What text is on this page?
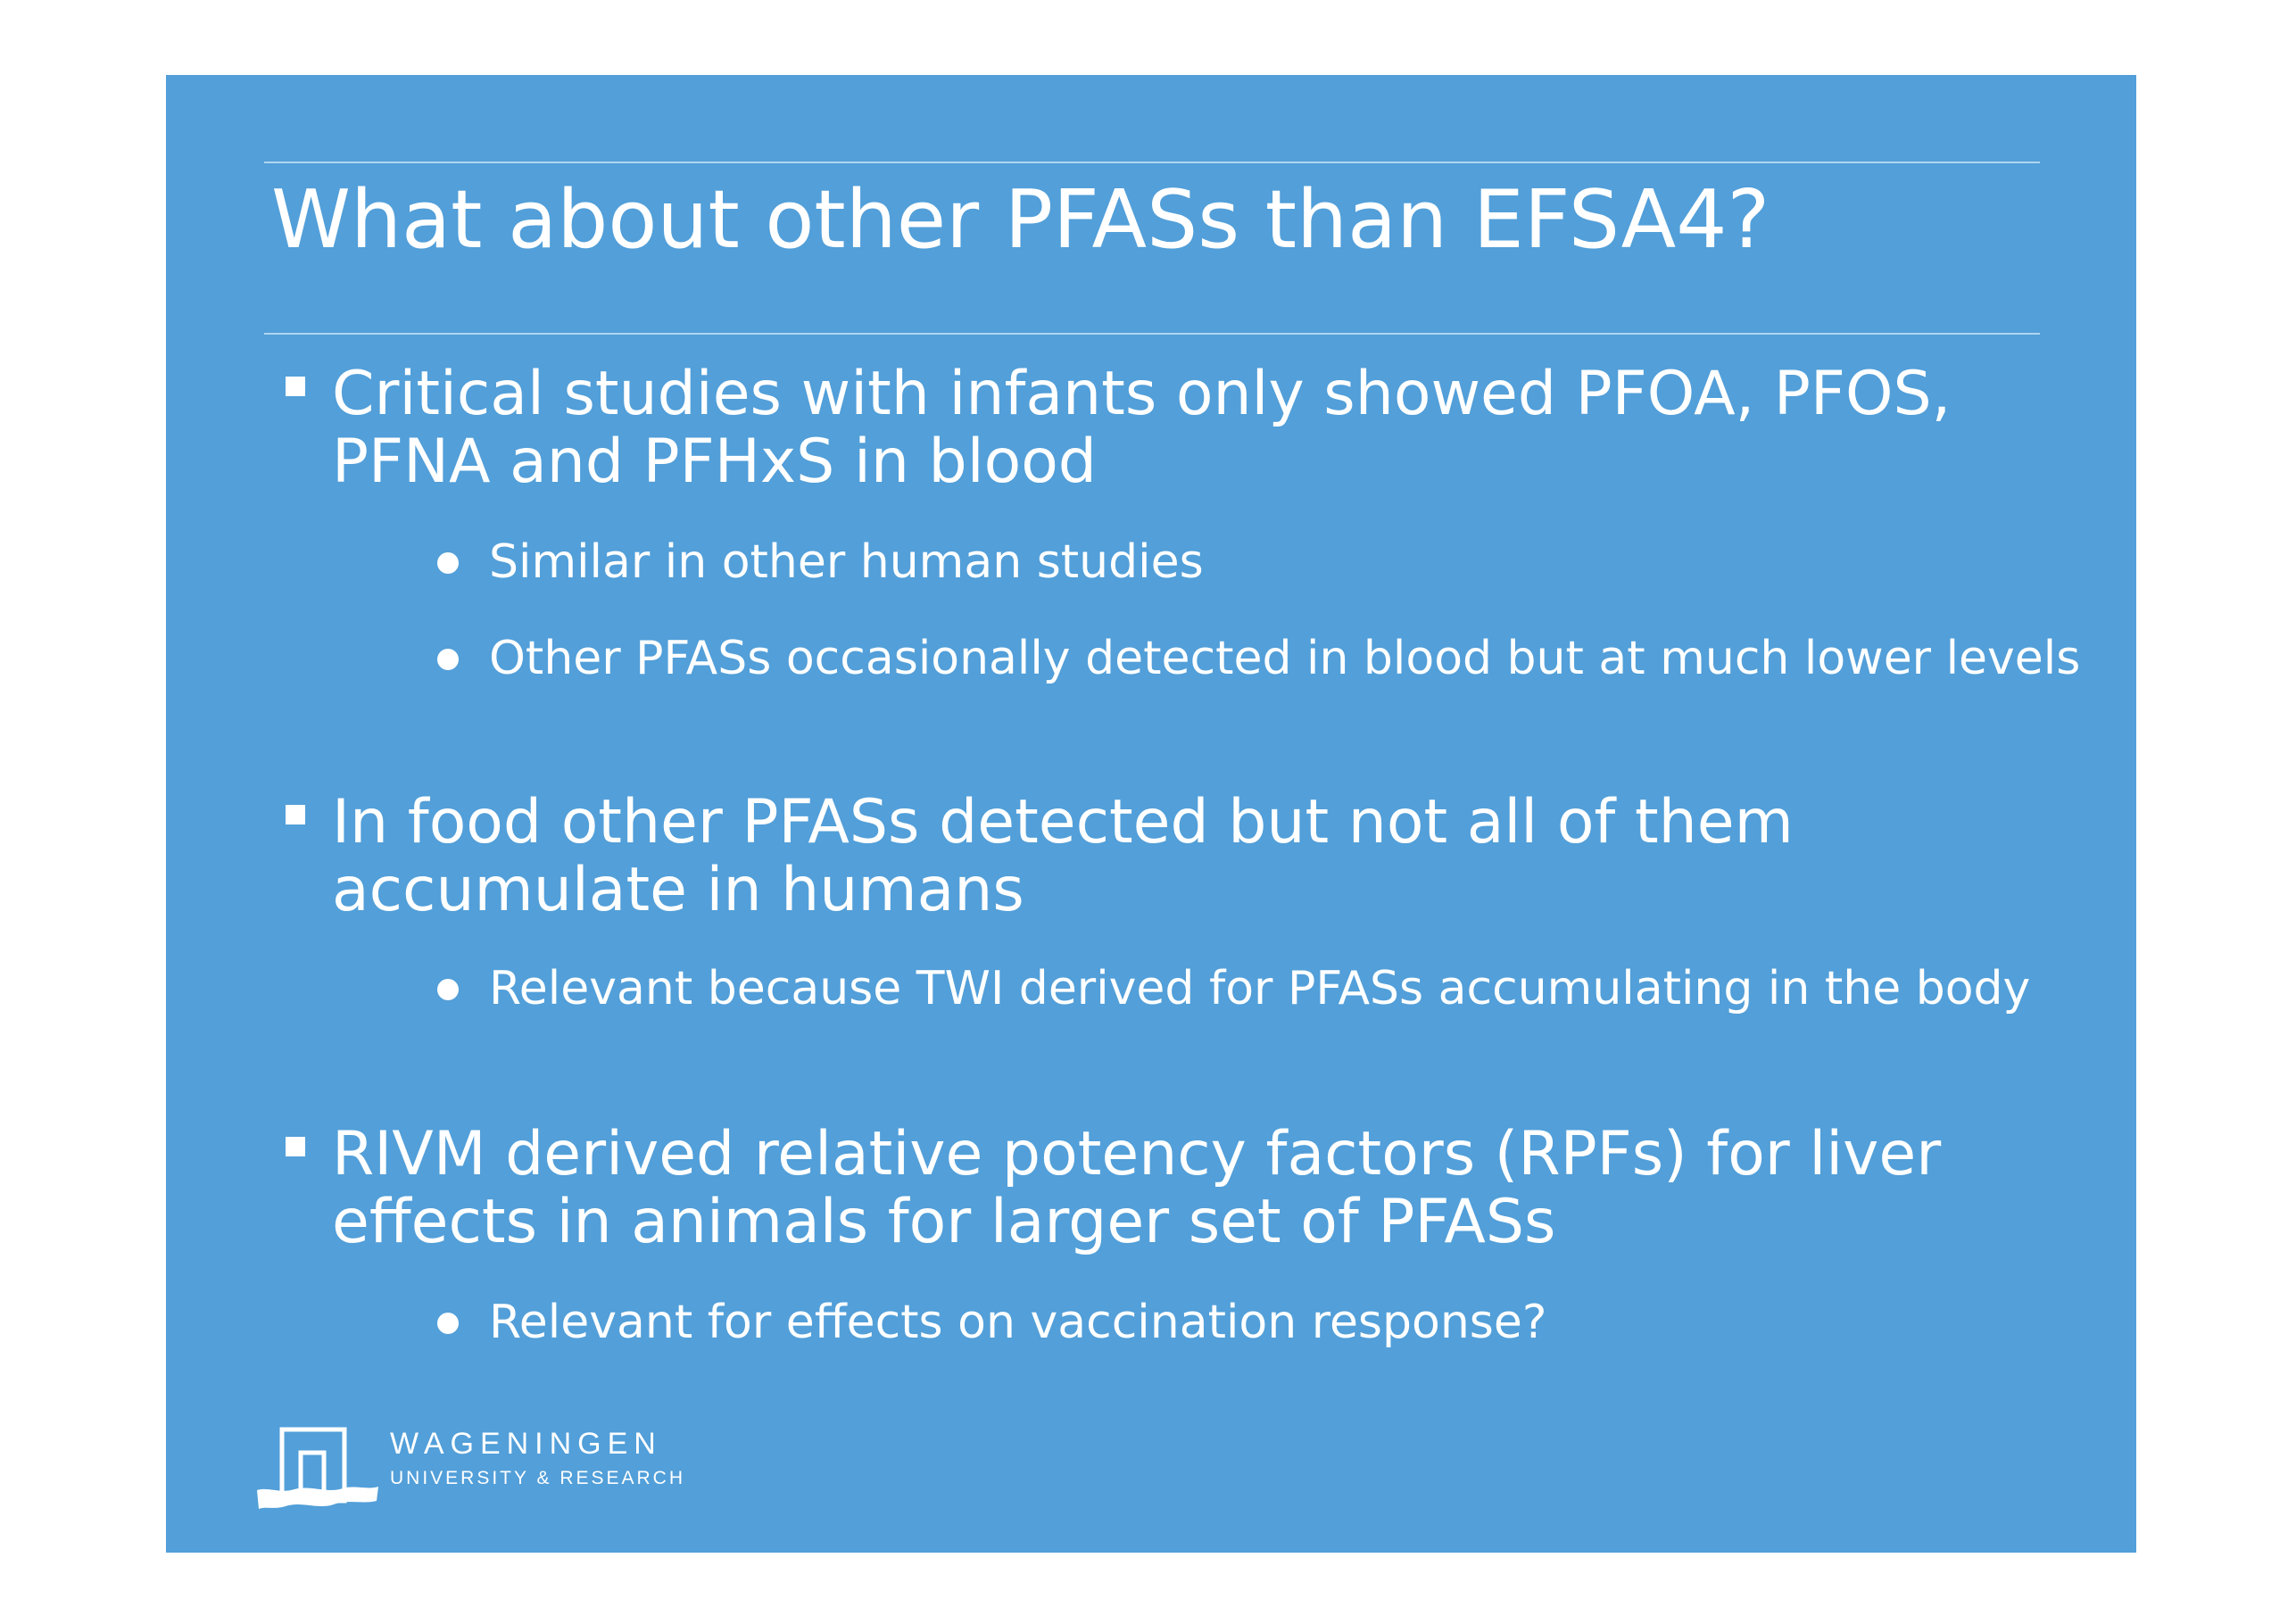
What about other PFASs than EFSA4?
Critical studies with infants only showed PFOA, PFOS, PFNA and PFHxS in blood
Similar in other human studies
Other PFASs occasionally detected in blood but at much lower levels
In food other PFASs detected but not all of them accumulate in humans
Relevant because TWI derived for PFASs accumulating in the body
RIVM derived relative potency factors (RPFs) for liver effects in animals for larger set of PFASs
Relevant for effects on vaccination response?
WAGENINGEN
UNIVERSITY & RESEARCH
